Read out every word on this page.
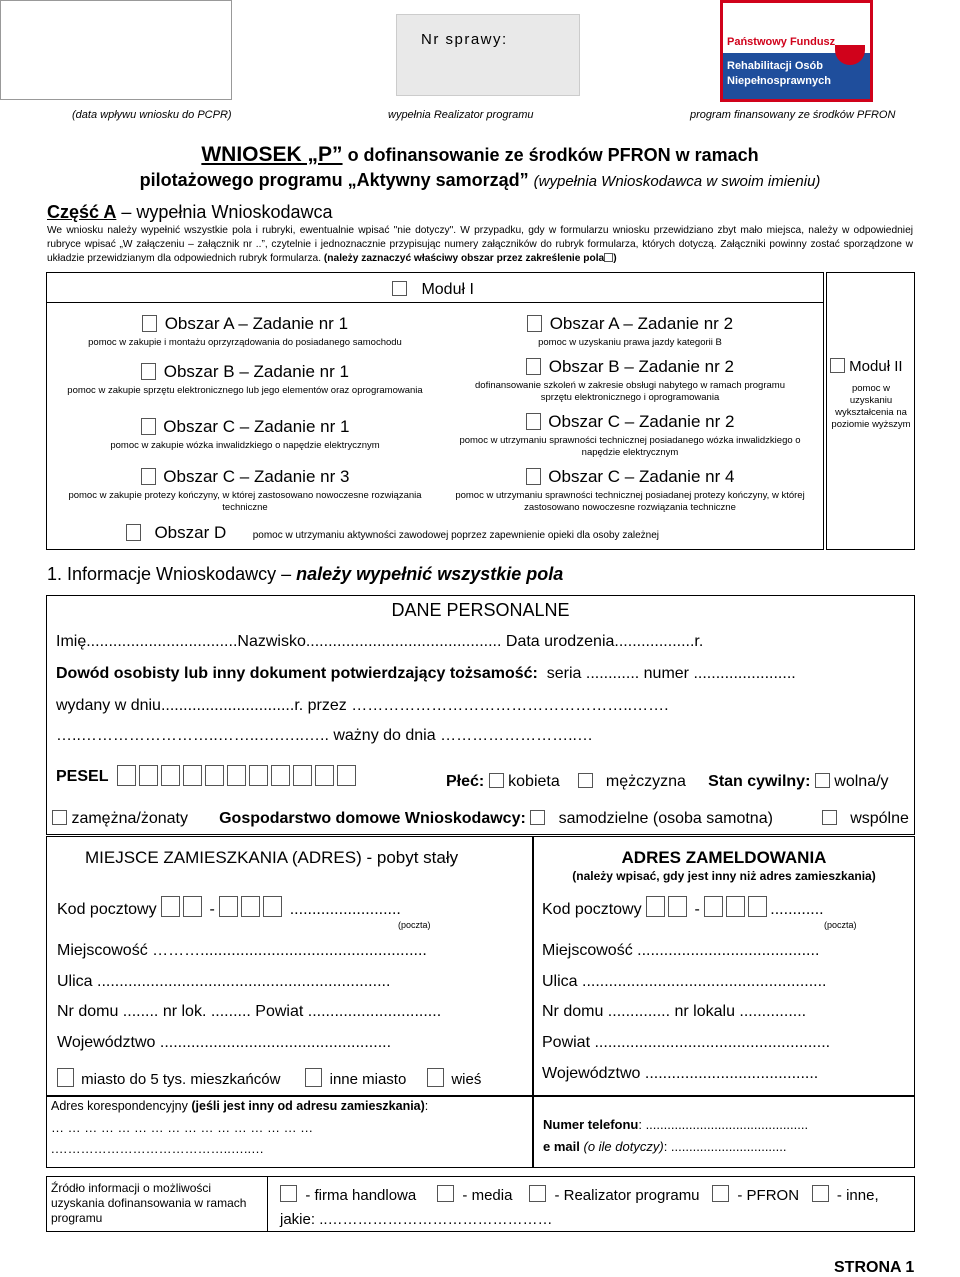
Nr sprawy:	Państwowy Fundusz
Rehabilitacji Osób
Niepełnosprawnych
(data wpływu wniosku do PCPR)	wypełnia Realizator programu	program finansowany ze środków PFRON
WNIOSEK „P” o dofinansowanie ze środków PFRON w ramach
pilotażowego programu „Aktywny samorząd” (wypełnia Wnioskodawca w swoim imieniu)
Część A – wypełnia Wnioskodawca
We wniosku należy wypełnić wszystkie pola i rubryki, ewentualnie wpisać "nie dotyczy". W przypadku, gdy w formularzu wniosku przewidziano zbyt mało miejsca, należy w odpowiedniej rubryce wpisać „W załączeniu – załącznik nr ..”, czytelnie i jednoznacznie przypisując numery załączników do rubryk formularza, których dotyczą. Załączniki powinny zostać sporządzone w układzie przewidzianym dla odpowiednich rubryk formularza. (należy zaznaczyć właściwy obszar przez zakreślenie pola )
Moduł I
Obszar A – Zadanie nr 1
pomoc w zakupie i montażu oprzyrządowania do posiadanego samochodu
Obszar A – Zadanie nr 2
pomoc w uzyskaniu prawa jazdy kategorii B
Obszar B – Zadanie nr 1
pomoc w zakupie sprzętu elektronicznego lub jego elementów oraz oprogramowania
Obszar B – Zadanie nr 2
dofinansowanie szkoleń w zakresie obsługi nabytego w ramach programu sprzętu elektronicznego i oprogramowania
Obszar C – Zadanie nr 1
pomoc w zakupie wózka inwalidzkiego o napędzie elektrycznym
Obszar C – Zadanie nr 2
pomoc w utrzymaniu sprawności technicznej posiadanego wózka inwalidzkiego o napędzie elektrycznym
Obszar C – Zadanie nr 3
pomoc w zakupie protezy kończyny, w której zastosowano nowoczesne rozwiązania techniczne
Obszar C – Zadanie nr 4
pomoc w utrzymaniu sprawności technicznej posiadanej protezy kończyny, w której zastosowano nowoczesne rozwiązania techniczne
Obszar D	pomoc w utrzymaniu aktywności zawodowej poprzez zapewnienie opieki dla osoby zależnej
Moduł II
pomoc w uzyskaniu wykształcenia na poziomie wyższym
1. Informacje Wnioskodawcy – należy wypełnić wszystkie pola
DANE PERSONALNE
Imię..................................Nazwisko............................................ Data urodzenia..................r.
Dowód osobisty lub inny dokument potwierdzający tożsamość: seria ............ numer .......................
wydany w dniu..............................r. przez ……………………………………………..…….
…..……………………..……..….…..….. ważny do dnia ……………………..…
PESEL	Płeć: kobieta	mężczyzna Stan cywilny: wolna/y
zamężna/żonaty Gospodarstwo domowe Wnioskodawcy: samodzielne (osoba samotna)	wspólne
MIEJSCE ZAMIESZKANIA (ADRES) - pobyt stały	ADRES ZAMELDOWANIA
(należy wpisać, gdy jest inny niż adres zamieszkania)
Kod pocztowy	-	.........................
(poczta)
Miejscowość ………...................................................
Ulica ..................................................................
Nr domu ........ nr lok. ......... Powiat ..............................
Województwo ....................................................
miasto do 5 tys. mieszkańców	inne miasto	wieś
Kod pocztowy	-	............
(poczta)
Miejscowość .........................................
Ulica .......................................................
Nr domu .............. nr lokalu ...............
Powiat .....................................................
Województwo .......................................
Adres korespondencyjny (jeśli jest inny od adresu zamieszkania):
… … … … … … … … … … … … … … … …
.…………………………………..…..…
Numer telefonu: .............................................
e mail (o ile dotyczy): ................................
Źródło informacji o możliwości uzyskania dofinansowania w ramach programu
- firma handlowa	- media	- Realizator programu	- PFRON	- inne,
jakie: ..………………………………………
STRONA 1
